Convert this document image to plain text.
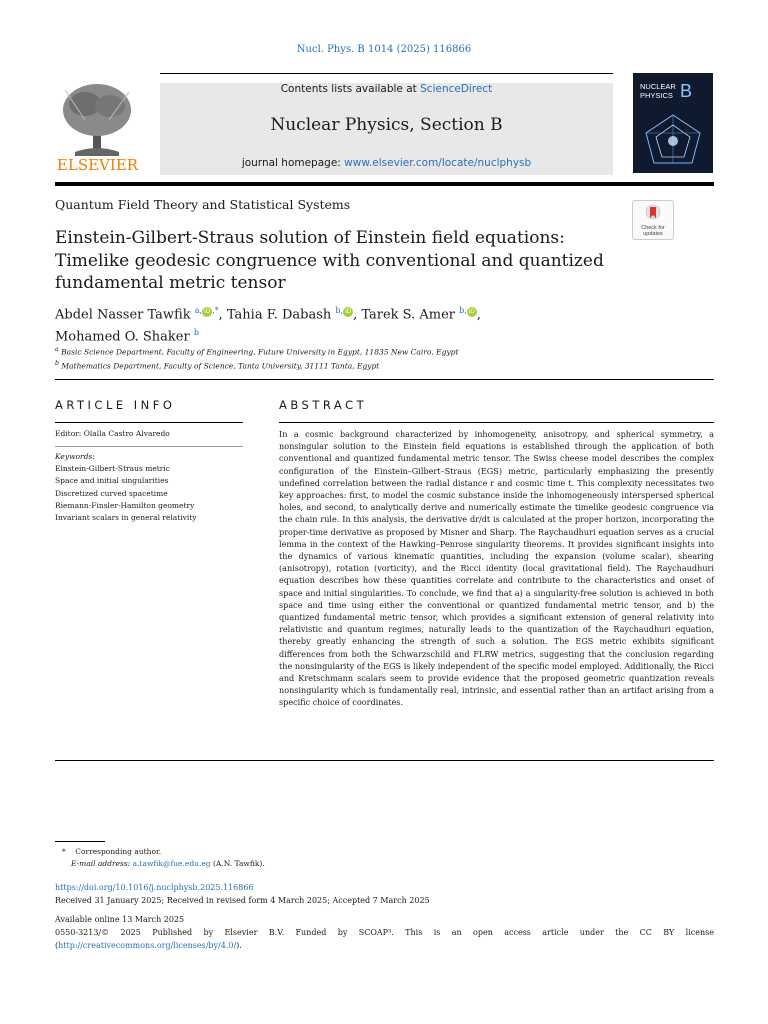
Nucl. Phys. B 1014 (2025) 116866
ELSEVIER
Contents lists available at ScienceDirect
Nuclear Physics, Section B
journal homepage: www.elsevier.com/locate/nuclphysb
NUCLEAR
PHYSICS B
Quantum Field Theory and Statistical Systems
Check for
updates
Einstein-Gilbert-Straus solution of Einstein field equations: Timelike geodesic congruence with conventional and quantized fundamental metric tensor
Abdel Nasser Tawfik $^{a,}$ iD ,*, Tahia F. Dabash $^{b,}$ iD , Tarek S. Amer $^{b,}$ iD ,
Mohamed O. Shaker $^b$
$^a$ Basic Science Department, Faculty of Engineering, Future University in Egypt, 11835 New Cairo, Egypt
$^b$ Mathematics Department, Faculty of Science, Tanta University, 31111 Tanta, Egypt
ARTICLE INFO
Editor: Olalla Castro Alvaredo
Keywords:
Einstein-Gilbert-Straus metric
Space and initial singularities
Discretized curved spacetime
Riemann-Finsler-Hamilton geometry
Invariant scalars in general relativity
ABSTRACT
In a cosmic background characterized by inhomogeneity, anisotropy, and spherical symmetry, a nonsingular solution to the Einstein field equations is established through the application of both conventional and quantized fundamental metric tensor. The Swiss cheese model describes the complex configuration of the Einstein–Gilbert–Straus (EGS) metric, particularly emphasizing the presently undefined correlation between the radial distance r and cosmic time t. This complexity necessitates two key approaches: first, to model the cosmic substance inside the inhomogeneously interspersed spherical holes, and second, to analytically derive and numerically estimate the timelike geodesic congruence via the chain rule. In this analysis, the derivative dr/dt is calculated at the proper horizon, incorporating the proper-time derivative as proposed by Misner and Sharp. The Raychaudhuri equation serves as a crucial lemma in the context of the Hawking–Penrose singularity theorems. It provides significant insights into the dynamics of various kinematic quantities, including the expansion (volume scalar), shearing (anisotropy), rotation (vorticity), and the Ricci identity (local gravitational field). The Raychaudhuri equation describes how these quantities correlate and contribute to the characteristics and onset of space and initial singularities. To conclude, we find that a) a singularity-free solution is achieved in both space and time using either the conventional or quantized fundamental metric tensor, and b) the quantized fundamental metric tensor, which provides a significant extension of general relativity into relativistic and quantum regimes, naturally leads to the quantization of the Raychaudhuri equation, thereby greatly enhancing the strength of such a solution. The EGS metric exhibits significant differences from both the Schwarzschild and FLRW metrics, suggesting that the conclusion regarding the nonsingularity of the EGS is likely independent of the specific model employed. Additionally, the Ricci and Kretschmann scalars seem to provide evidence that the proposed geometric quantization reveals nonsingularity which is fundamentally real, intrinsic, and essential rather than an artifact arising from a specific choice of coordinates.
*    Corresponding author.
E-mail address: a.tawfik@fue.edu.eg (A.N. Tawfik).
https://doi.org/10.1016/j.nuclphysb.2025.116866
Received 31 January 2025; Received in revised form 4 March 2025; Accepted 7 March 2025
Available online 13 March 2025
0550-3213/© 2025 Published by Elsevier B.V. Funded by SCOAP³. This is an open access article under the CC BY license (http://creativecommons.org/licenses/by/4.0/).
